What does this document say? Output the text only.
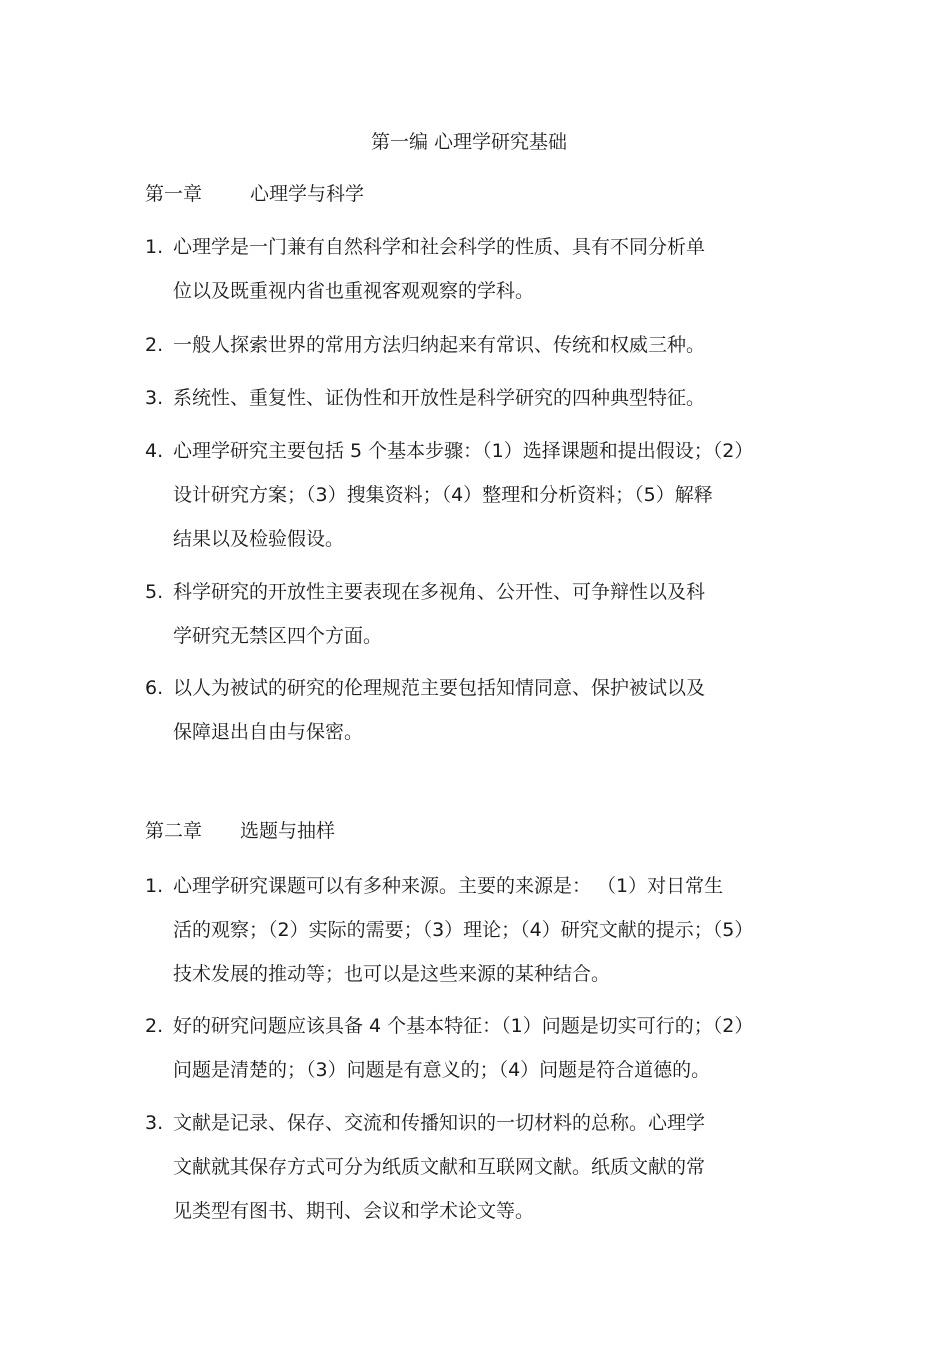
第一编 心理学研究基础
第一章	心理学与科学
1. 心理学是一门兼有自然科学和社会科学的性质、具有不同分析单
位以及既重视内省也重视客观观察的学科。
2. 一般人探索世界的常用方法归纳起来有常识、传统和权威三种。
3. 系统性、重复性、证伪性和开放性是科学研究的四种典型特征。
4. 心理学研究主要包括 5 个基本步骤：（1）选择课题和提出假设；（2）
设计研究方案；（3）搜集资料；（4）整理和分析资料；（5）解释
结果以及检验假设。
5. 科学研究的开放性主要表现在多视角、公开性、可争辩性以及科
学研究无禁区四个方面。
6. 以人为被试的研究的伦理规范主要包括知情同意、保护被试以及
保障退出自由与保密。
第二章 选题与抽样
1. 心理学研究课题可以有多种来源。主要的来源是： （1）对日常生
活的观察；（2）实际的需要；（3）理论；（4）研究文献的提示；（5）
技术发展的推动等；也可以是这些来源的某种结合。
2. 好的研究问题应该具备 4 个基本特征：（1）问题是切实可行的；（2）
问题是清楚的；（3）问题是有意义的；（4）问题是符合道德的。
3. 文献是记录、保存、交流和传播知识的一切材料的总称。心理学
文献就其保存方式可分为纸质文献和互联网文献。纸质文献的常
见类型有图书、期刊、会议和学术论文等。
